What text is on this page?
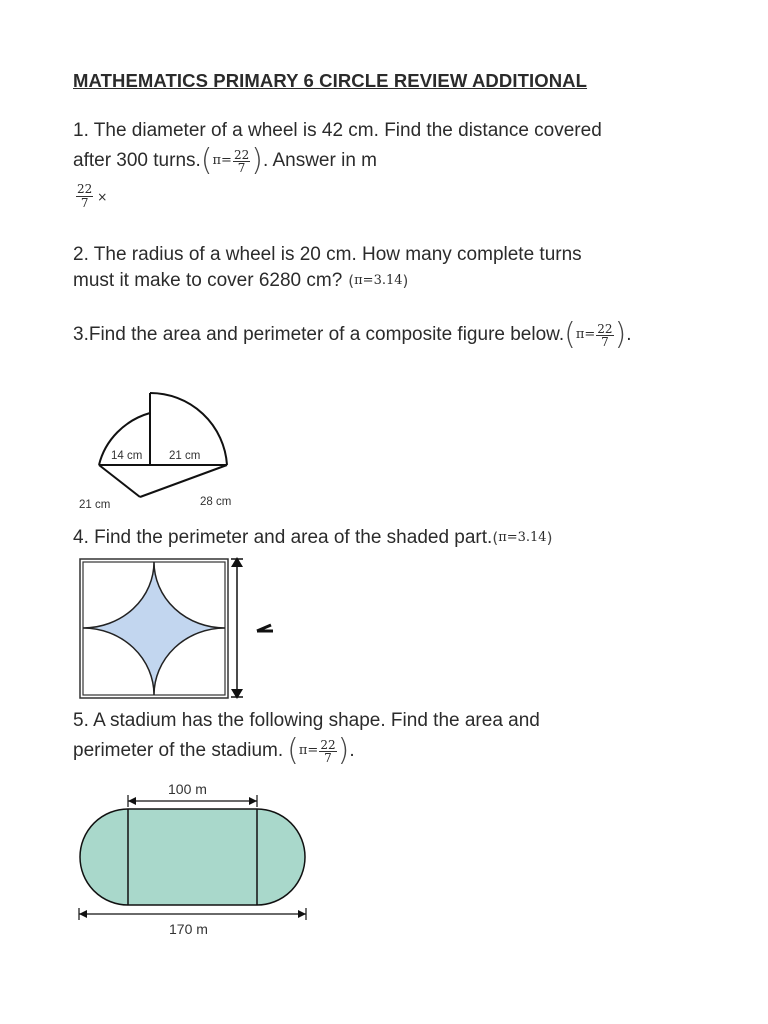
MATHEMATICS PRIMARY 6 CIRCLE REVIEW ADDITIONAL
1. The diameter of a wheel is 42 cm. Find the distance covered
after 300 turns. ( $\pi= \frac{22}{7}$ ) . Answer in m
$\frac{22}{7}$ ×
2. The radius of a wheel is 20 cm. How many complete turns
must it make to cover 6280 cm? ( π=3.14 )
3.Find the area and perimeter of a composite figure below. ( $\pi= \frac{22}{7}$ ) .
14 cm 21 cm
21 cm	28 cm
4. Find the perimeter and area of the shaded part. ( π=3.14 )
5. A stadium has the following shape. Find the area and
perimeter of the stadium. ( $\pi= \frac{22}{7}$ ) .
100 m
170 m
